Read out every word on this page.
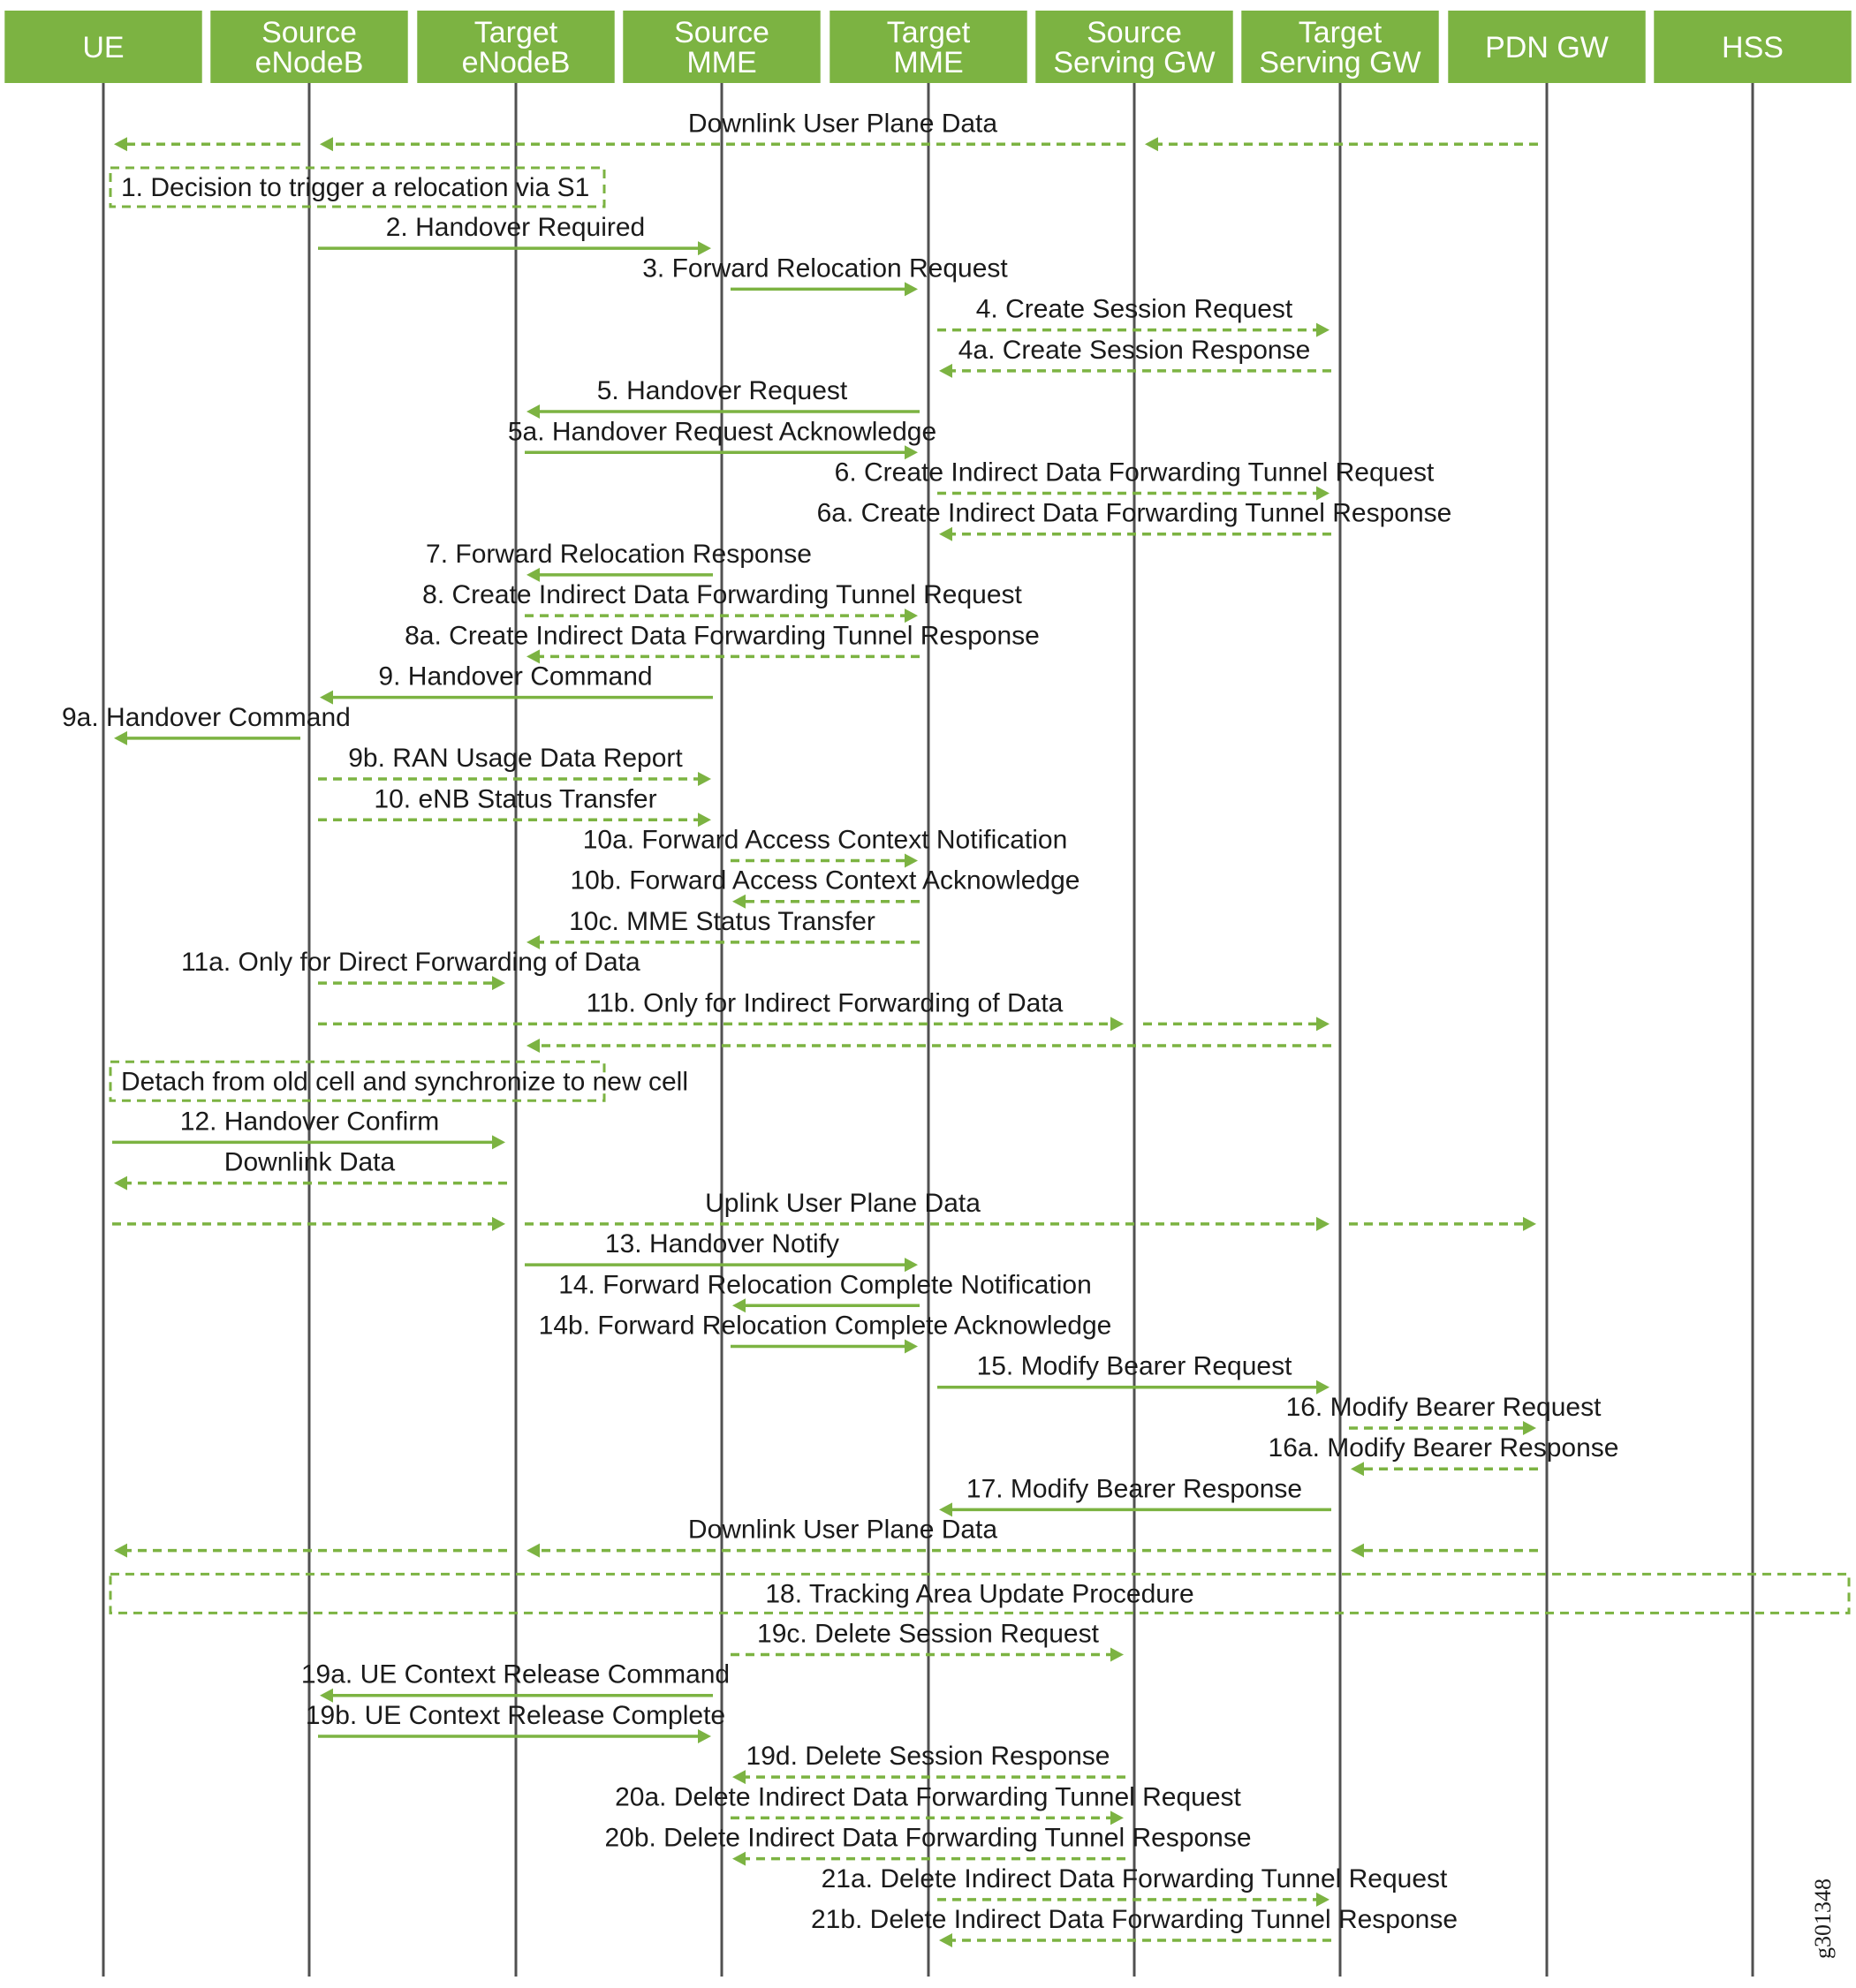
UE	Source
eNodeB
Target
eNodeB
Source
MME
Target
MME
Source
Serving GW
Target
Serving GW PDN GW	HSS
Downlink User Plane Data
1. Decision to trigger a relocation via S1
2. Handover Required
3. Forward Relocation Request
4. Create Session Request
4a. Create Session Response
5. Handover Request
5a. Handover Request Acknowledge
6. Create Indirect Data Forwarding Tunnel Request
6a. Create Indirect Data Forwarding Tunnel Response
7. Forward Relocation Response
8. Create Indirect Data Forwarding Tunnel Request
8a. Create Indirect Data Forwarding Tunnel Response
9. Handover Command
9a. Handover Command
9b. RAN Usage Data Report
10. eNB Status Transfer
10a. Forward Access Context Notification
10b. Forward Access Context Acknowledge
10c. MME Status Transfer
11a. Only for Direct Forwarding of Data
11b. Only for Indirect Forwarding of Data
Detach from old cell and synchronize to new cell
12. Handover Confirm
Downlink Data
Uplink User Plane Data
13. Handover Notify
14. Forward Relocation Complete Notification
14b. Forward Relocation Complete Acknowledge
15. Modify Bearer Request
16. Modify Bearer Request
16a. Modify Bearer Response
17. Modify Bearer Response
Downlink User Plane Data
18. Tracking Area Update Procedure
19c. Delete Session Request
19a. UE Context Release Command
19b. UE Context Release Complete
19d. Delete Session Response
20a. Delete Indirect Data Forwarding Tunnel Request
20b. Delete Indirect Data Forwarding Tunnel Response
21a. Delete Indirect Data Forwarding Tunnel Request
21b. Delete Indirect Data Forwarding Tunnel Response	g301348
